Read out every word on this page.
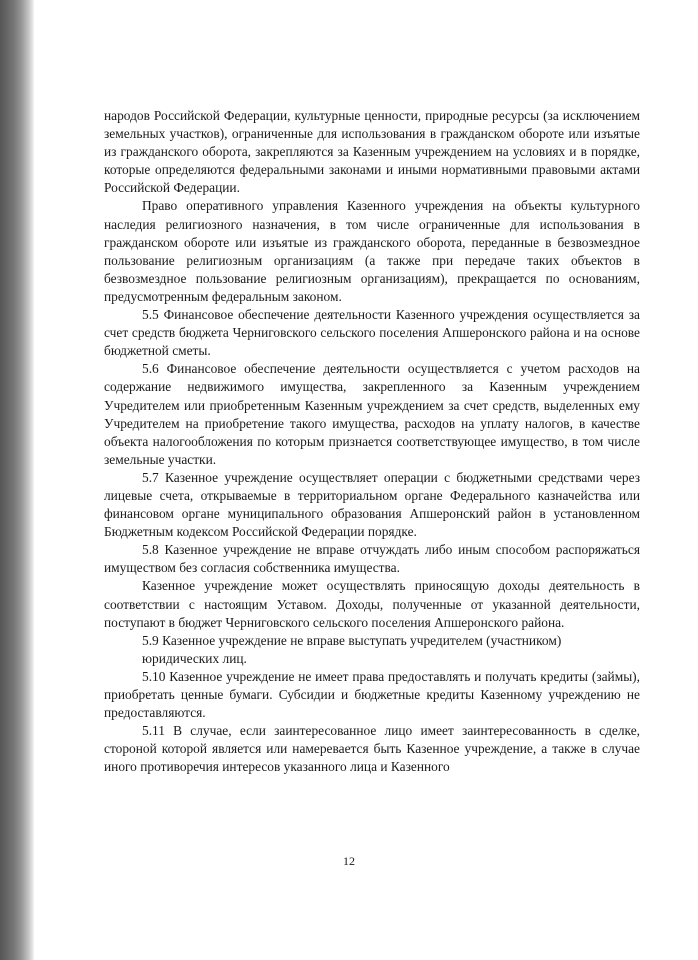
народов Российской Федерации, культурные ценности, природные ресурсы (за исключением земельных участков), ограниченные для использования в гражданском обороте или изъятые из гражданского оборота, закрепляются за Казенным учреждением на условиях и в порядке, которые определяются федеральными законами и иными нормативными правовыми актами Российской Федерации.

Право оперативного управления Казенного учреждения на объекты культурного наследия религиозного назначения, в том числе ограниченные для использования в гражданском обороте или изъятые из гражданского оборота, переданные в безвозмездное пользование религиозным организациям (а также при передаче таких объектов в безвозмездное пользование религиозным организациям), прекращается по основаниям, предусмотренным федеральным законом.

5.5 Финансовое обеспечение деятельности Казенного учреждения осуществляется за счет средств бюджета Черниговского сельского поселения Апшеронского района и на основе бюджетной сметы.

5.6 Финансовое обеспечение деятельности осуществляется с учетом расходов на содержание недвижимого имущества, закрепленного за Казенным учреждением Учредителем или приобретенным Казенным учреждением за счет средств, выделенных ему Учредителем на приобретение такого имущества, расходов на уплату налогов, в качестве объекта налогообложения по которым признается соответствующее имущество, в том числе земельные участки.

5.7 Казенное учреждение осуществляет операции с бюджетными средствами через лицевые счета, открываемые в территориальном органе Федерального казначейства или финансовом органе муниципального образования Апшеронский район в установленном Бюджетным кодексом Российской Федерации порядке.

5.8 Казенное учреждение не вправе отчуждать либо иным способом распоряжаться имуществом без согласия собственника имущества.

Казенное учреждение может осуществлять приносящую доходы деятельность в соответствии с настоящим Уставом. Доходы, полученные от указанной деятельности, поступают в бюджет Черниговского сельского поселения Апшеронского района.

5.9 Казенное учреждение не вправе выступать учредителем (участником)

юридических лиц.

5.10 Казенное учреждение не имеет права предоставлять и получать кредиты (займы), приобретать ценные бумаги. Субсидии и бюджетные кредиты Казенному учреждению не предоставляются.

5.11 В случае, если заинтересованное лицо имеет заинтересованность в сделке, стороной которой является или намеревается быть Казенное учреждение, а также в случае иного противоречия интересов указанного лица и Казенного

12
